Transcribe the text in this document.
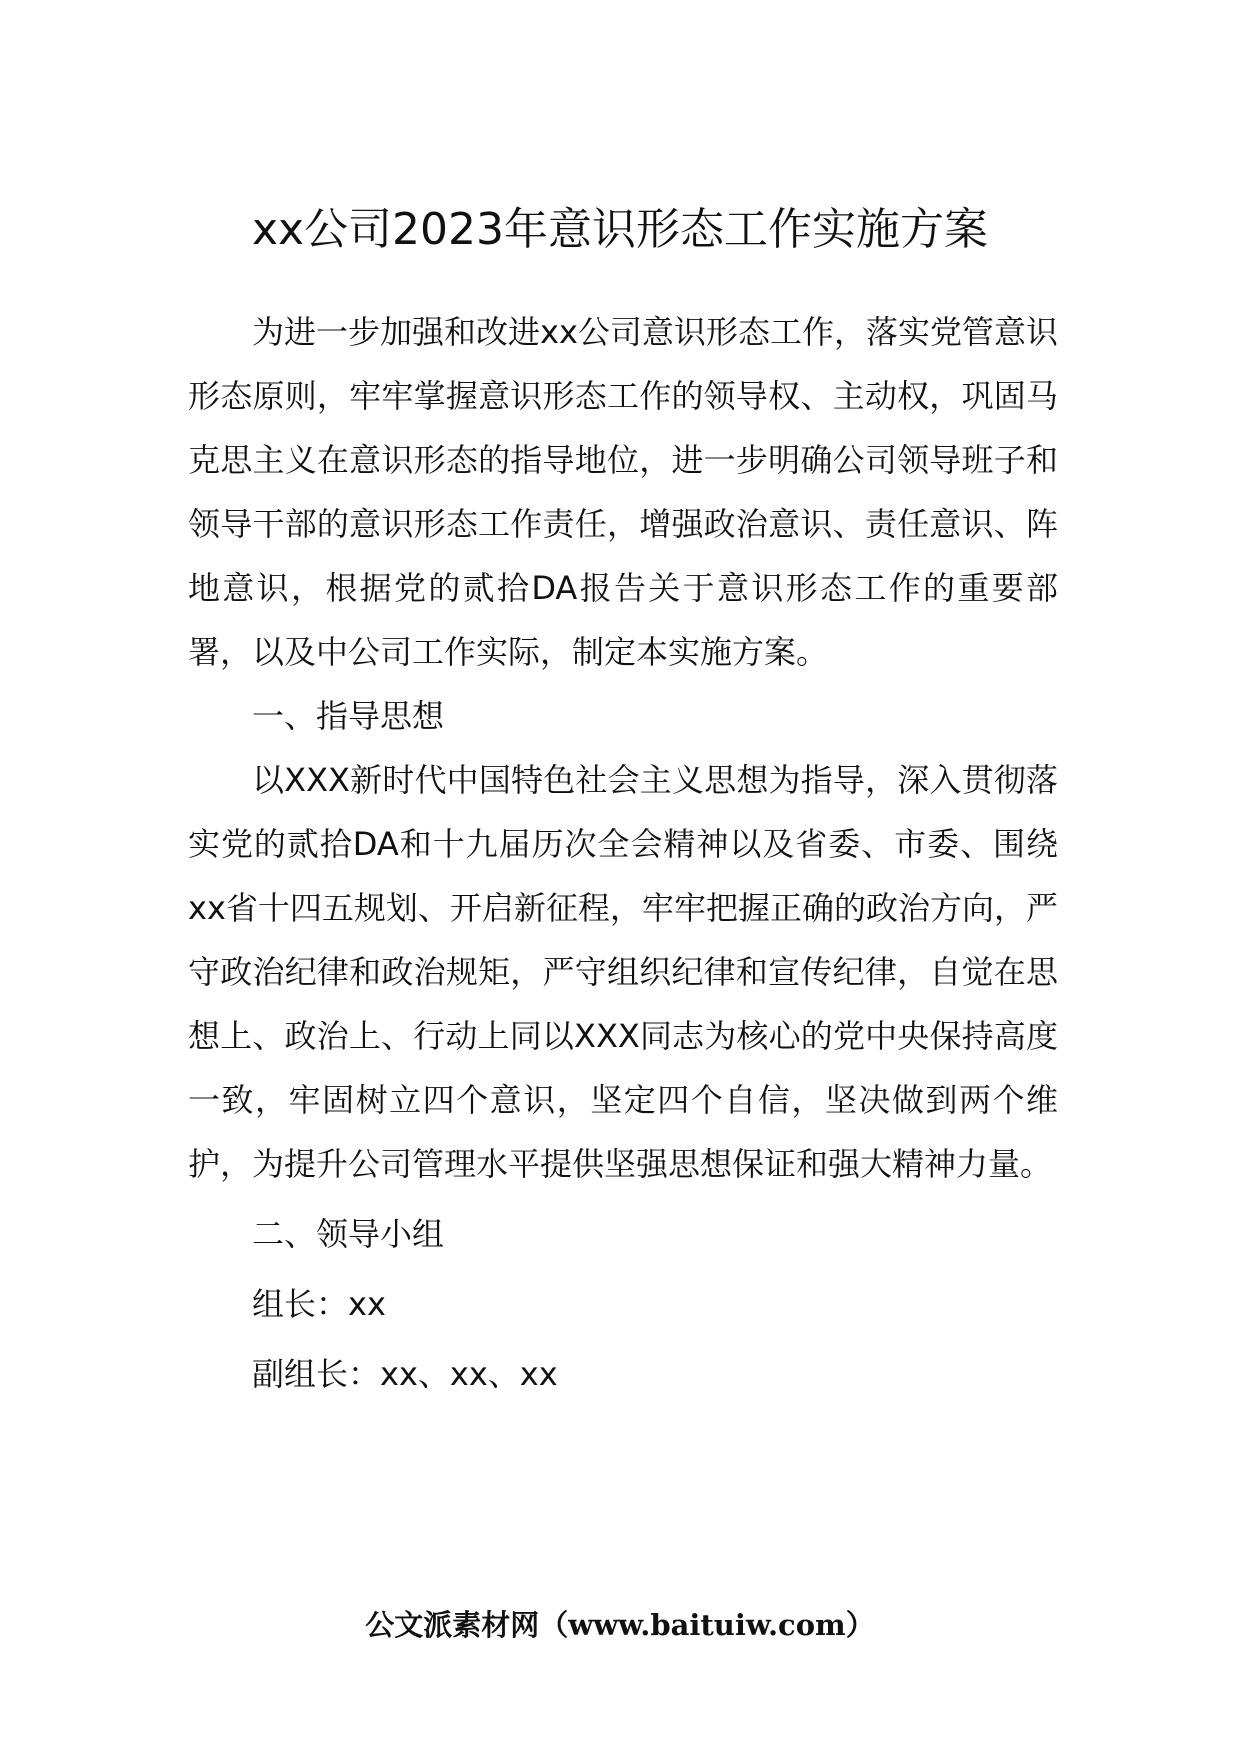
xx公司2023年意识形态工作实施方案

为进一步加强和改进xx公司意识形态工作，落实党管意识形态原则，牢牢掌握意识形态工作的领导权、主动权，巩固马克思主义在意识形态的指导地位，进一步明确公司领导班子和领导干部的意识形态工作责任，增强政治意识、责任意识、阵地意识，根据党的贰拾DA报告关于意识形态工作的重要部署，以及中公司工作实际，制定本实施方案。

一、指导思想

以XXX新时代中国特色社会主义思想为指导，深入贯彻落实党的贰拾DA和十九届历次全会精神以及省委、市委、围绕xx省十四五规划、开启新征程，牢牢把握正确的政治方向，严守政治纪律和政治规矩，严守组织纪律和宣传纪律，自觉在思想上、政治上、行动上同以XXX同志为核心的党中央保持高度一致，牢固树立四个意识，坚定四个自信，坚决做到两个维护，为提升公司管理水平提供坚强思想保证和强大精神力量。

二、领导小组

组长：xx

副组长：xx、xx、xx

公文派素材网（www.baituiw.com）
